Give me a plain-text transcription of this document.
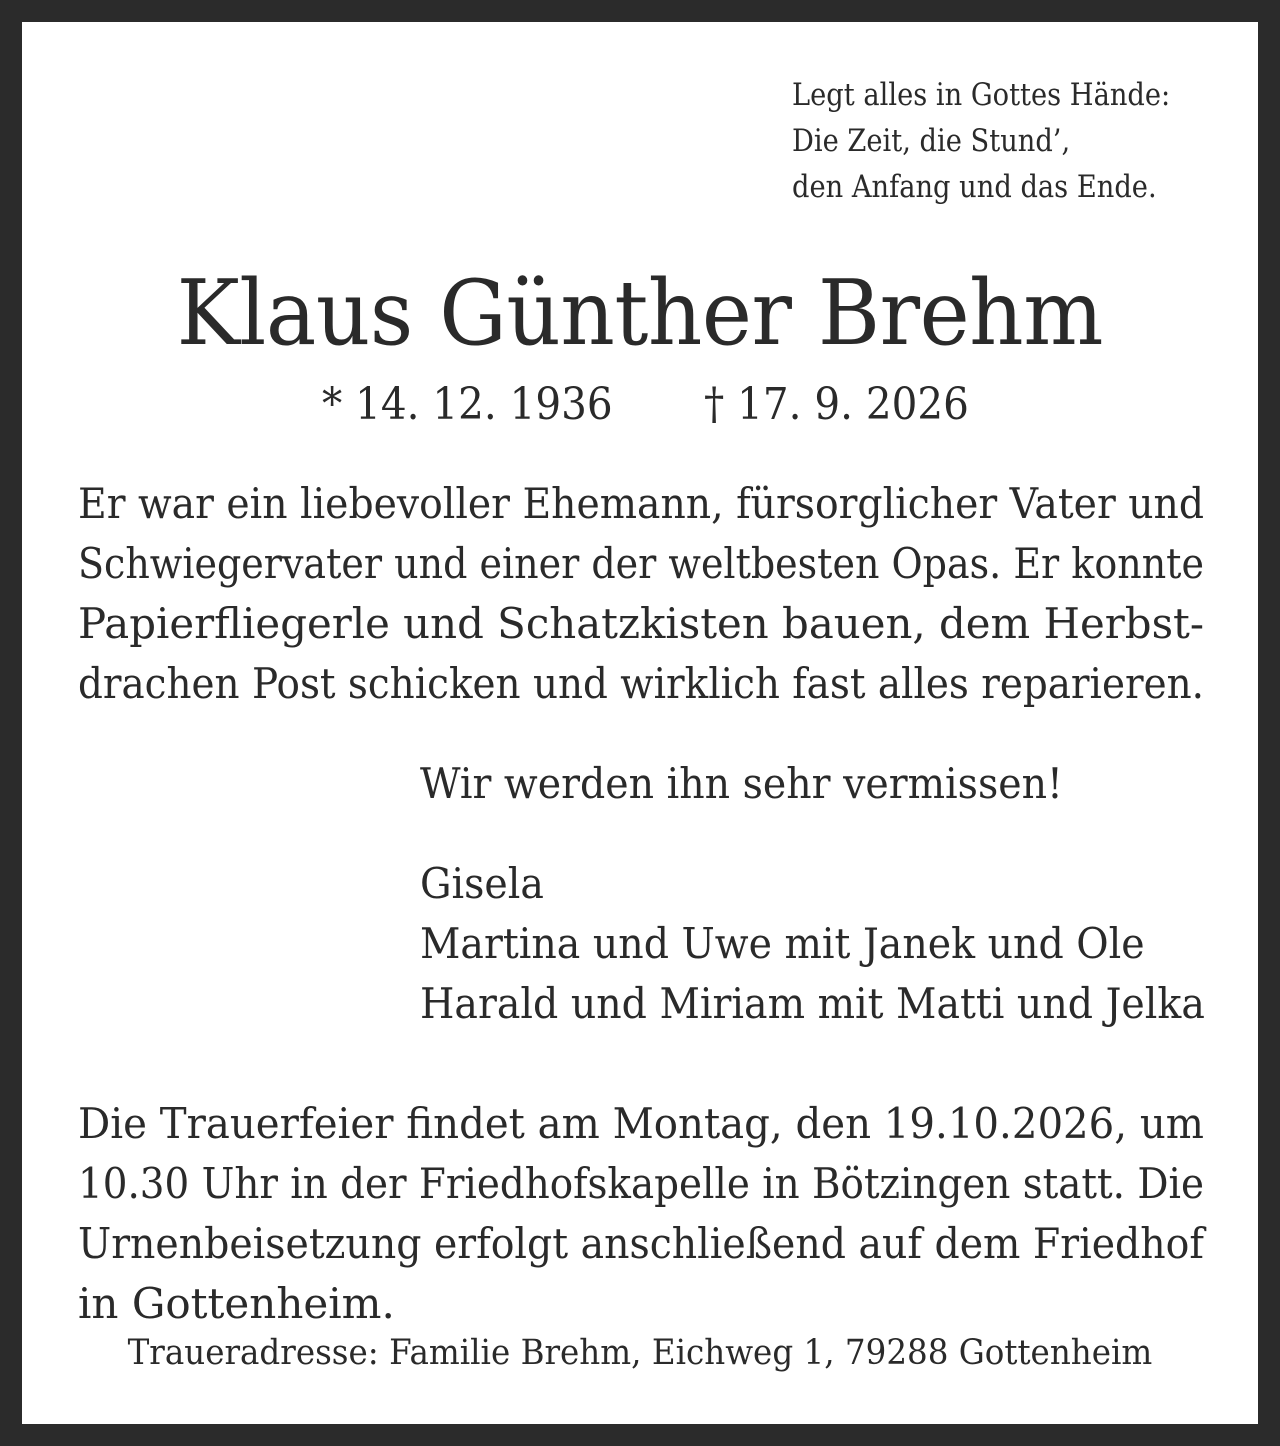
Legt alles in Gottes Hände:
Die Zeit, die Stund’,
den Anfang und das Ende.
Klaus Günther Brehm
* 14. 12. 1936 † 17. 9. 2026
Er war ein liebevoller Ehemann, fürsorglicher Vater und
Schwiegervater und einer der weltbesten Opas. Er konnte
Papierfliegerle und Schatzkisten bauen, dem Herbst-
drachen Post schicken und wirklich fast alles reparieren.
Wir werden ihn sehr vermissen!
Gisela
Martina und Uwe mit Janek und Ole
Harald und Miriam mit Matti und Jelka
Die Trauerfeier findet am Montag, den 19.10.2026, um
10.30 Uhr in der Friedhofskapelle in Bötzingen statt. Die
Urnenbeisetzung erfolgt anschließend auf dem Friedhof
in Gottenheim.
Traueradresse: Familie Brehm, Eichweg 1, 79288 Gottenheim
